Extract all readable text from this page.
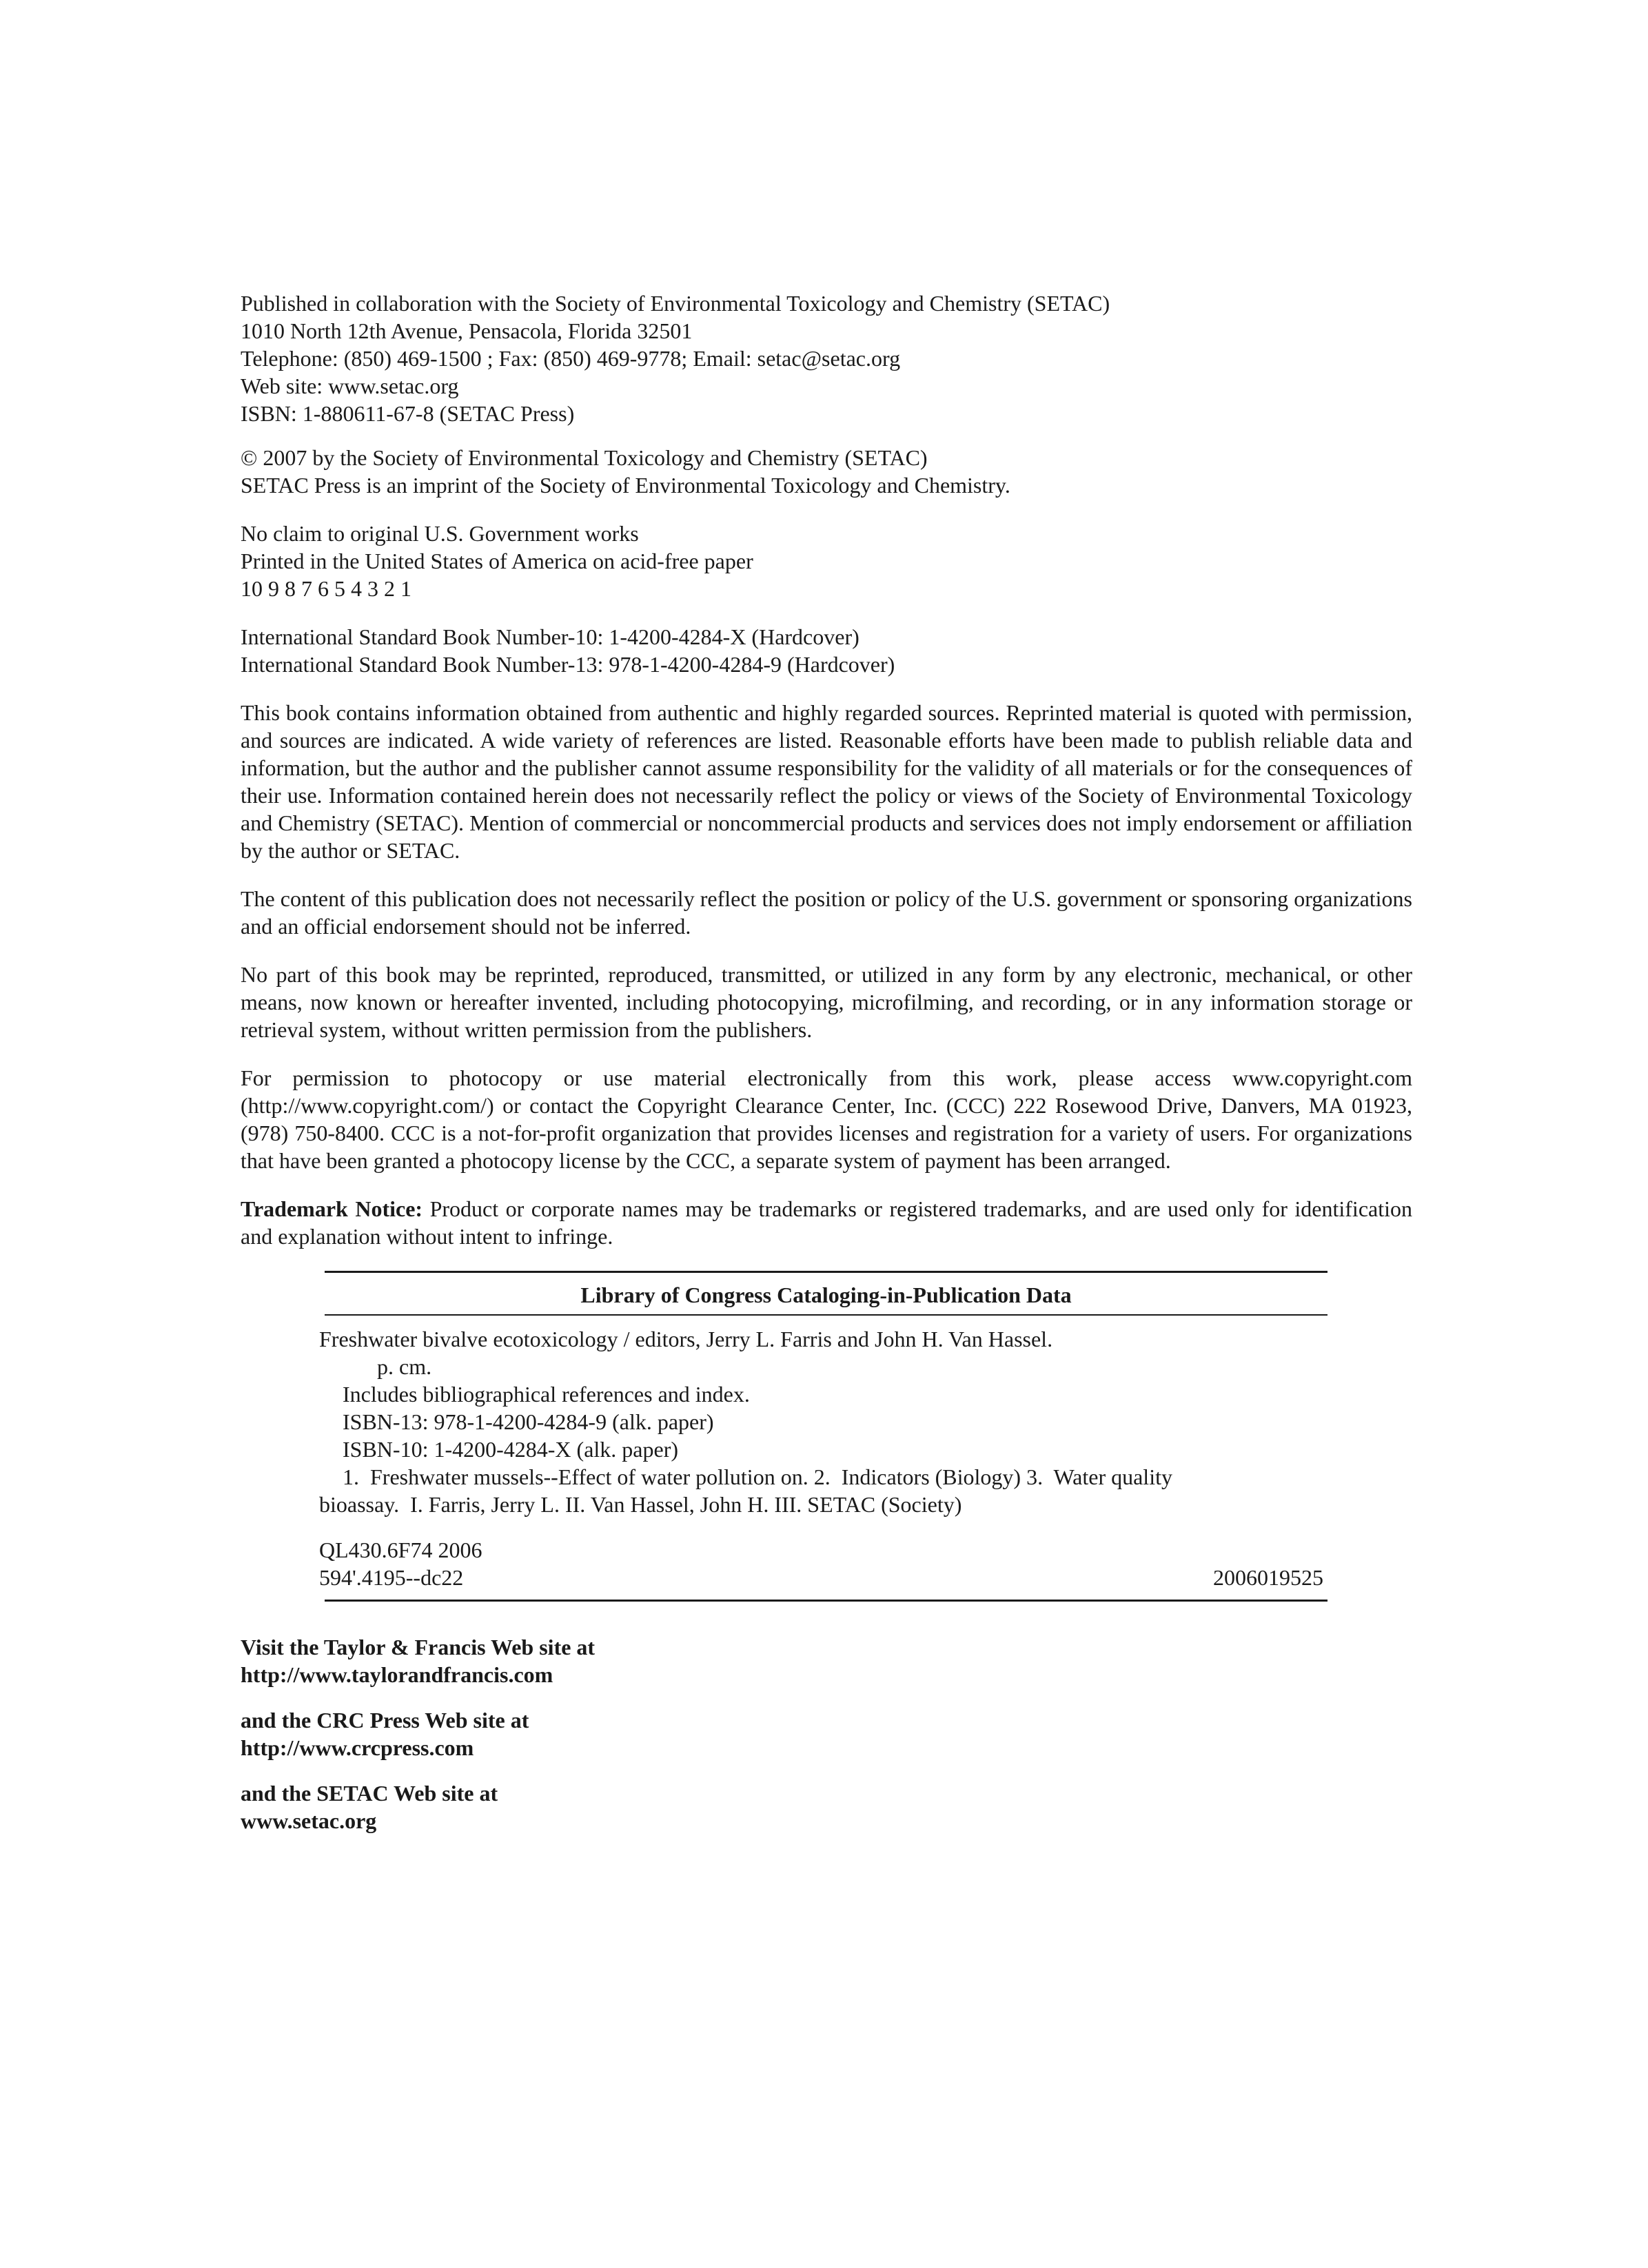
Published in collaboration with the Society of Environmental Toxicology and Chemistry (SETAC)
1010 North 12th Avenue, Pensacola, Florida 32501
Telephone: (850) 469-1500 ; Fax: (850) 469-9778; Email: setac@setac.org
Web site: www.setac.org
ISBN: 1-880611-67-8 (SETAC Press)
© 2007 by the Society of Environmental Toxicology and Chemistry (SETAC)
SETAC Press is an imprint of the Society of Environmental Toxicology and Chemistry.
No claim to original U.S. Government works
Printed in the United States of America on acid-free paper
10 9 8 7 6 5 4 3 2 1
International Standard Book Number-10: 1-4200-4284-X (Hardcover)
International Standard Book Number-13: 978-1-4200-4284-9 (Hardcover)
This book contains information obtained from authentic and highly regarded sources. Reprinted material is quoted with permission, and sources are indicated. A wide variety of references are listed. Reasonable efforts have been made to publish reliable data and information, but the author and the publisher cannot assume responsibility for the validity of all materials or for the consequences of their use. Information contained herein does not necessarily reflect the policy or views of the Society of Environmental Toxicology and Chemistry (SETAC). Mention of commercial or noncommercial products and services does not imply endorsement or affiliation by the author or SETAC.
The content of this publication does not necessarily reflect the position or policy of the U.S. government or sponsoring organizations and an official endorsement should not be inferred.
No part of this book may be reprinted, reproduced, transmitted, or utilized in any form by any electronic, mechanical, or other means, now known or hereafter invented, including photocopying, microfilming, and recording, or in any information storage or retrieval system, without written permission from the publishers.
For permission to photocopy or use material electronically from this work, please access www.copyright.com (http://www.copyright.com/) or contact the Copyright Clearance Center, Inc. (CCC) 222 Rosewood Drive, Danvers, MA 01923, (978) 750-8400. CCC is a not-for-profit organization that provides licenses and registration for a variety of users. For organizations that have been granted a photocopy license by the CCC, a separate system of payment has been arranged.
Trademark Notice: Product or corporate names may be trademarks or registered trademarks, and are used only for identification and explanation without intent to infringe.
Library of Congress Cataloging-in-Publication Data
Freshwater bivalve ecotoxicology / editors, Jerry L. Farris and John H. Van Hassel.
p. cm.
Includes bibliographical references and index.
ISBN-13: 978-1-4200-4284-9 (alk. paper)
ISBN-10: 1-4200-4284-X (alk. paper)
1.  Freshwater mussels--Effect of water pollution on. 2.  Indicators (Biology) 3.  Water quality
bioassay.  I. Farris, Jerry L. II. Van Hassel, John H. III. SETAC (Society)
QL430.6F74 2006
594'.4195--dc22	2006019525
Visit the Taylor & Francis Web site at
http://www.taylorandfrancis.com
and the CRC Press Web site at
http://www.crcpress.com
and the SETAC Web site at
www.setac.org
